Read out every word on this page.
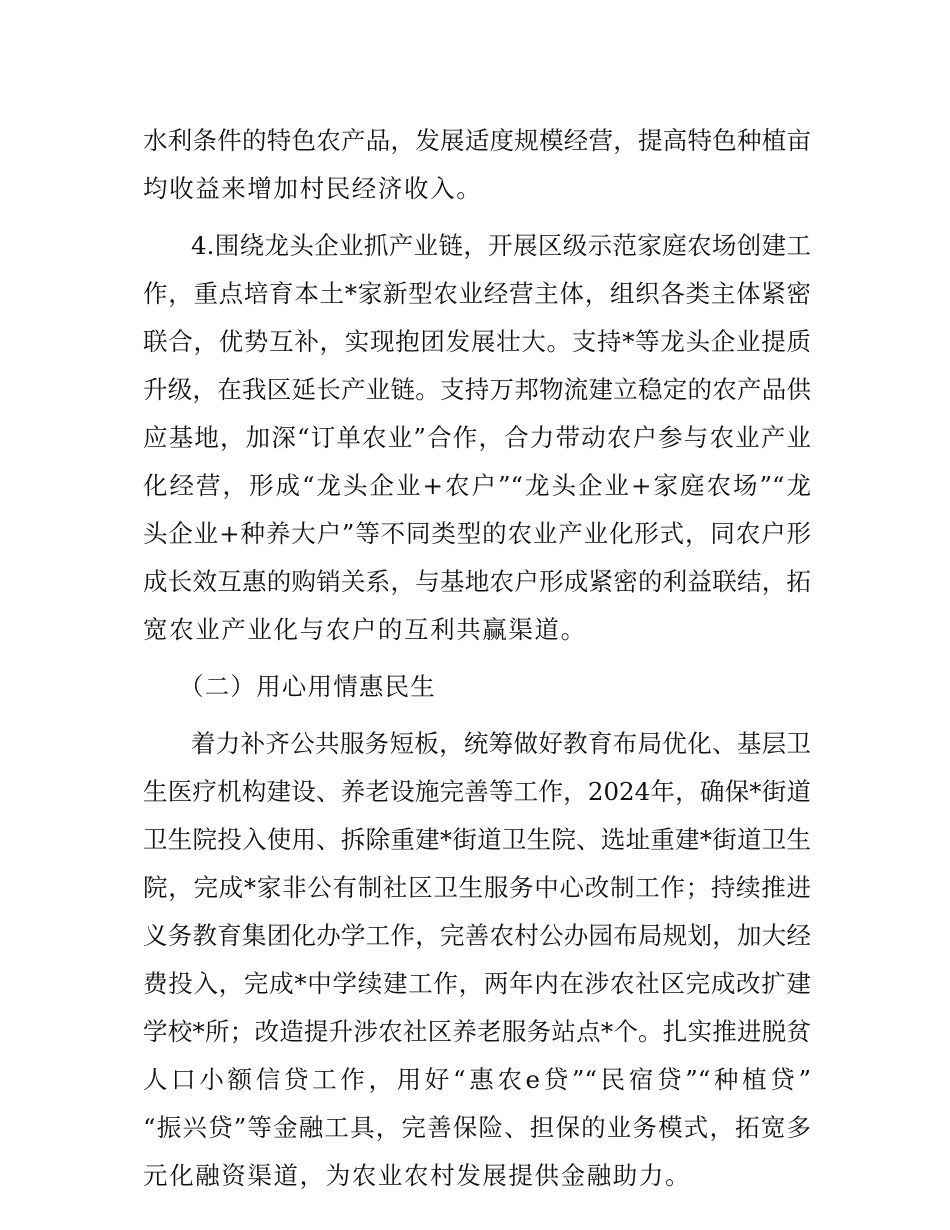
水利条件的特色农产品，发展适度规模经营，提高特色种植亩
均收益来增加村民经济收入。
4.围绕龙头企业抓产业链，开展区级示范家庭农场创建工
作，重点培育本土*家新型农业经营主体，组织各类主体紧密
联合，优势互补，实现抱团发展壮大。支持*等龙头企业提质
升级，在我区延长产业链。支持万邦物流建立稳定的农产品供
应基地，加深“订单农业”合作，合力带动农户参与农业产业
化经营，形成“龙头企业+农户”“龙头企业+家庭农场”“龙
头企业+种养大户”等不同类型的农业产业化形式，同农户形
成长效互惠的购销关系，与基地农户形成紧密的利益联结，拓
宽农业产业化与农户的互利共赢渠道。
（二）用心用情惠民生
着力补齐公共服务短板，统筹做好教育布局优化、基层卫
生医疗机构建设、养老设施完善等工作，2024年，确保*街道
卫生院投入使用、拆除重建*街道卫生院、选址重建*街道卫生
院，完成*家非公有制社区卫生服务中心改制工作；持续推进
义务教育集团化办学工作，完善农村公办园布局规划，加大经
费投入，完成*中学续建工作，两年内在涉农社区完成改扩建
学校*所；改造提升涉农社区养老服务站点*个。扎实推进脱贫
人口小额信贷工作，用好“惠农e贷”“民宿贷”“种植贷”
“振兴贷”等金融工具，完善保险、担保的业务模式，拓宽多
元化融资渠道，为农业农村发展提供金融助力。
